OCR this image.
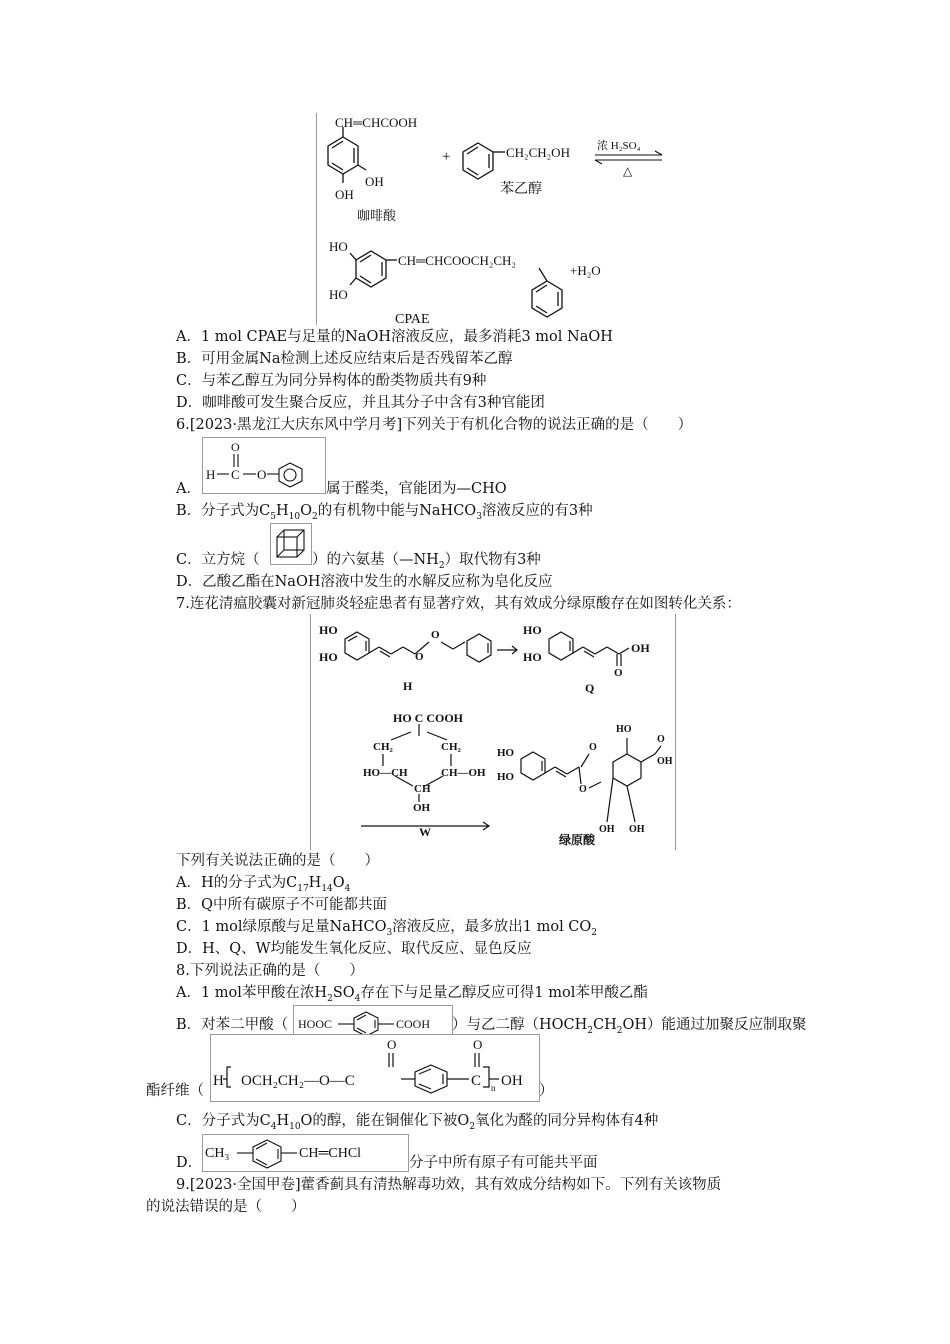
CH═CHCOOH
OH
OH
咖啡酸
+	CH₂CH₂OH
苯乙醇
浓 H₂SO₄
△
HO
HO
CH═CHCOOCH₂CH₂
+H₂O
CPAE
A．1 mol CPAE与足量的NaOH溶液反应，最多消耗3 mol NaOH
B．可用金属Na检测上述反应结束后是否残留苯乙醇
C．与苯乙醇互为同分异构体的酚类物质共有9种
D．咖啡酸可发生聚合反应，并且其分子中含有3种官能团
6.[2023·黑龙江大庆东风中学月考]下列关于有机化合物的说法正确的是（　　）
O
H C O
A．	属于醛类，官能团为—CHO
B．分子式为$C_5H_{10}O_2$的有机物中能与NaHCO$_3$溶液反应的有3种
C．立方烷（	）的六氨基$(—NH_2)$取代物有3种
D．乙酸乙酯在NaOH溶液中发生的水解反应称为皂化反应
7.连花清瘟胶囊对新冠肺炎轻症患者有显著疗效，其有效成分绿原酸存在如图转化关系：
HO
HO	O
O
H
HO
HO
OH
O
Q
HO C COOH
CH₂	CH₂
HO—CH	CH—OH
CH
OH
W
HO
HO
O
O
HO
OH
OH OH
O
绿原酸
下列有关说法正确的是（　　）
A．H的分子式为$C_{17}H_{14}O_4$
B．Q中所有碳原子不可能都共面
C．1 mol绿原酸与足量NaHCO$_3$溶液反应，最多放出1 mol $CO_2$
D．H、Q、W均能发生氧化反应、取代反应、显色反应
8.下列说法正确的是（　　）
A．1 mol苯甲酸在浓$H_2SO_4$存在下与足量乙醇反应可得1 mol苯甲酸乙酯
B．对苯二甲酸（ HOOC	COOH ）与乙二醇$(HOCH_2CH_2OH)$能通过加聚反应制取聚
O	O
H OCH₂CH₂—O—C	C n OH
酯纤维（	）
C．分子式为$C_4H_{10}O$的醇，能在铜催化下被$O_2$氧化为醛的同分异构体有4种
D．
CH₃	CH═CHCl
分子中所有原子有可能共平面
9.[2023·全国甲卷]藿香蓟具有清热解毒功效，其有效成分结构如下。下列有关该物质
的说法错误的是（　　）
